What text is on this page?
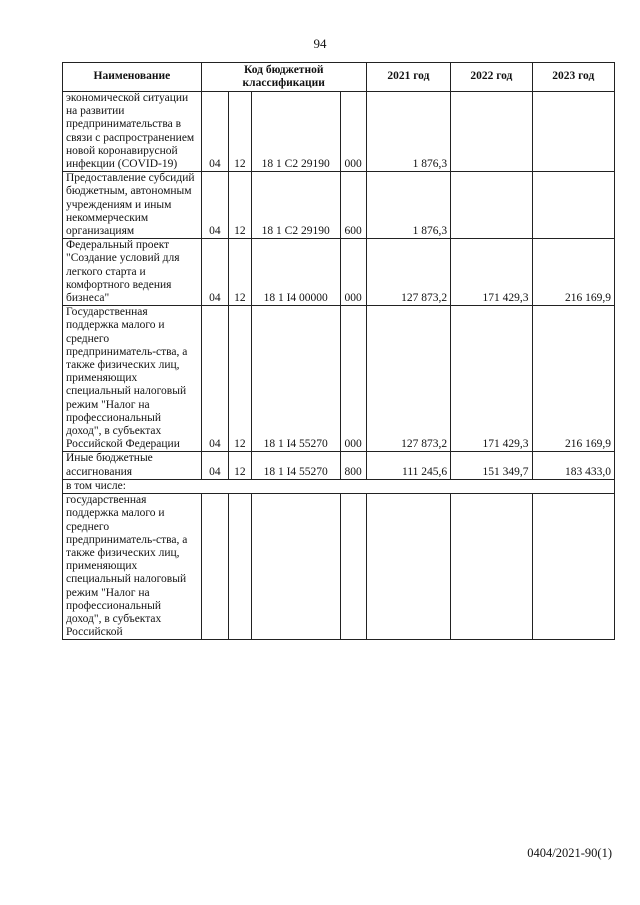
94
Наименование	Код бюджетной классификации				2021 год	2022 год	2023 год
экономической ситуации на развитии предпринимательства в связи с распространением новой коронавирусной инфекции (COVID-19)	04	12	18 1 C2 29190	000	1 876,3		
Предоставление субсидий бюджетным, автономным учреждениям и иным некоммерческим организациям	04	12	18 1 C2 29190	600	1 876,3		
Федеральный проект "Создание условий для легкого старта и комфортного ведения бизнеса"	04	12	18 1 I4 00000	000	127 873,2	171 429,3	216 169,9
Государственная поддержка малого и среднего предприниматель-ства, а также физических лиц, применяющих специальный налоговый режим "Налог на профессиональный доход", в субъектах Российской Федерации	04	12	18 1 I4 55270	000	127 873,2	171 429,3	216 169,9
Иные бюджетные ассигнования	04	12	18 1 I4 55270	800	111 245,6	151 349,7	183 433,0
в том числе:							
государственная поддержка малого и среднего предприниматель-ства, а также физических лиц, применяющих специальный налоговый режим "Налог на профессиональный доход", в субъектах Российской							
0404/2021-90(1)
